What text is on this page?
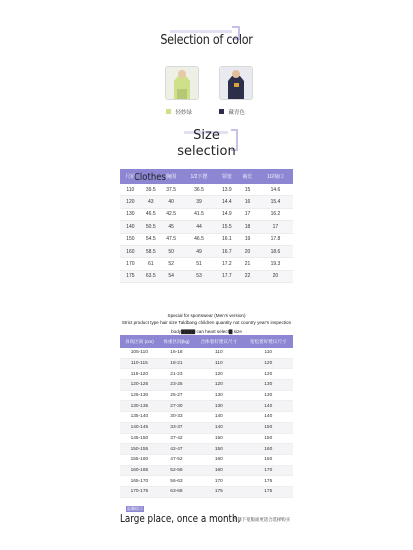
Selection of color
轻妙绿	藏青色
Size
selection
尺码		胸围	1/2下摆	领宽	袖长	1/2袖口
110	39.5	37.5	36.5	13.9	15	14.6
120	43	40	39	14.4	16	15.4
130	46.5	42.5	41.5	14.9	17	16.2
140	50.5	45	44	15.5	18	17
150	54.5	47.5	46.5	16.1	19	17.8
160	58.5	50	49	16.7	20	18.6
170	61	52	51	17.2	21	19.3
175	63.5	54	53	17.7	22	20
Clothes
Special for sportswear (Men's version)
Strict product type hair size Taldbang children quantity not country year's inspection
body▇▇▇▇ can heart select▇ size
身高区间 (cm)	体重区间(kg)	合体着好建议尺寸	宽松着好建议尺寸
105-110	16-18	110	110
110-115	18-21	110	120
115-120	21-23	120	120
120-125	23-25	120	130
125-130	25-27	130	130
130-135	27-30	130	140
135-140	30-33	140	140
140-145	33-37	140	150
145-150	37-42	150	150
150-155	42-47	150	160
155-160	47-52	160	160
160-165	52-56	160	170
165-170	56-63	170	175
170-175	63-68	175	175
温馨提示
Large place, once a month,
选择下宽版面更适合选择购买
